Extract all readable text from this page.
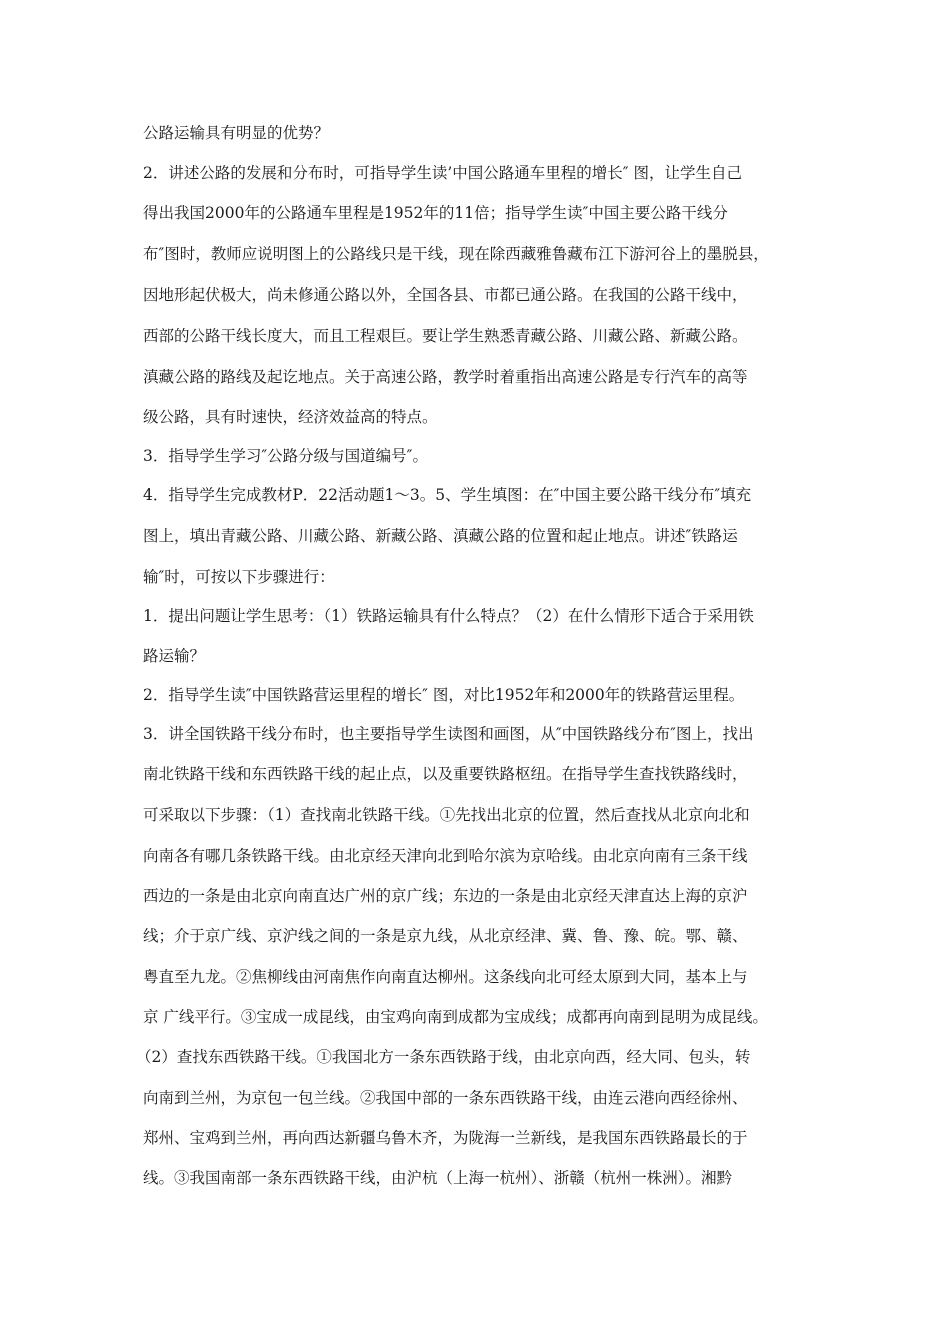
公路运输具有明显的优势？
2．讲述公路的发展和分布时，可指导学生读’中国公路通车里程的增长″ 图，让学生自己
得出我国2000年的公路通车里程是1952年的11倍；指导学生读″中国主要公路干线分
布″图时，教师应说明图上的公路线只是干线，现在除西藏雅鲁藏布江下游河谷上的墨脱县，
因地形起伏极大，尚未修通公路以外，全国各县、市都已通公路。在我国的公路干线中，
西部的公路干线长度大，而且工程艰巨。要让学生熟悉青藏公路、川藏公路、新藏公路。
滇藏公路的路线及起讫地点。关于高速公路，教学时着重指出高速公路是专行汽车的高等
级公路，具有时速快，经济效益高的特点。
3．指导学生学习″公路分级与国道编号″。
4．指导学生完成教材P．22活动题1～3。5、学生填图：在″中国主要公路干线分布″填充
图上，填出青藏公路、川藏公路、新藏公路、滇藏公路的位置和起止地点。讲述″铁路运
输″时，可按以下步骤进行：
1．提出问题让学生思考：（1）铁路运输具有什么特点？（2）在什么情形下适合于采用铁
路运输？
2．指导学生读″中国铁路营运里程的增长″ 图，对比1952年和2000年的铁路营运里程。
3．讲全国铁路干线分布时，也主要指导学生读图和画图，从″中国铁路线分布″图上，找出
南北铁路干线和东西铁路干线的起止点，以及重要铁路枢纽。在指导学生查找铁路线时，
可采取以下步骤：（1）查找南北铁路干线。①先找出北京的位置，然后查找从北京向北和
向南各有哪几条铁路干线。由北京经天津向北到哈尔滨为京哈线。由北京向南有三条干线
西边的一条是由北京向南直达广州的京广线；东边的一条是由北京经天津直达上海的京沪
线；介于京广线、京沪线之间的一条是京九线，从北京经津、冀、鲁、豫、皖。鄂、赣、
粤直至九龙。②焦柳线由河南焦作向南直达柳州。这条线向北可经太原到大同，基本上与
京 广线平行。③宝成一成昆线，由宝鸡向南到成都为宝成线；成都再向南到昆明为成昆线。
（2）查找东西铁路干线。①我国北方一条东西铁路于线，由北京向西，经大同、包头，转
向南到兰州，为京包一包兰线。②我国中部的一条东西铁路干线，由连云港向西经徐州、
郑州、宝鸡到兰州，再向西达新疆乌鲁木齐，为陇海一兰新线，是我国东西铁路最长的于
线。③我国南部一条东西铁路干线，由沪杭（上海一杭州）、浙赣（杭州一株洲）。湘黔
